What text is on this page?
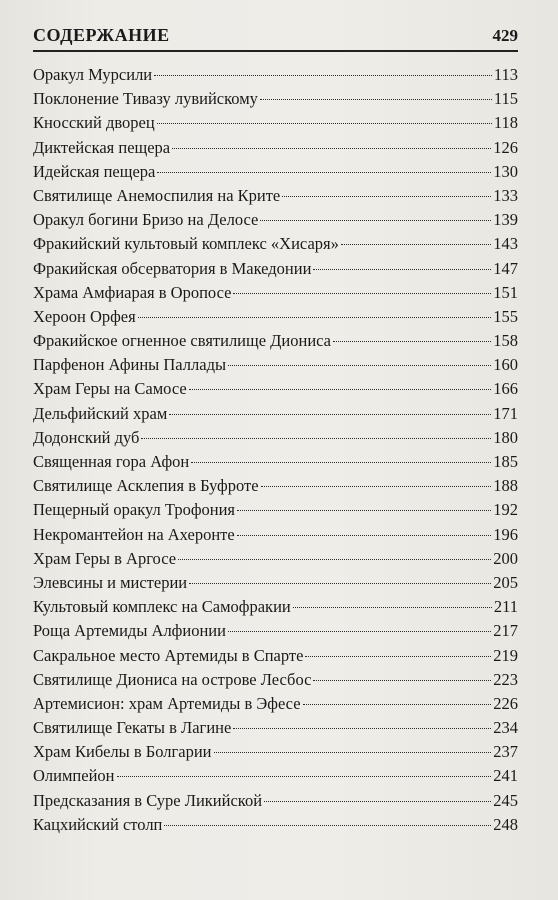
СОДЕРЖАНИЕ	429
Оракул Мурсили	113
Поклонение Тивазу лувийскому	115
Кносский дворец	118
Диктейская пещера	126
Идейская пещера	130
Святилище Анемоспилия на Крите	133
Оракул богини Бризо на Делосе	139
Фракийский культовый комплекс «Хисаря»	143
Фракийская обсерватория в Македонии	147
Храма Амфиарая в Оропосе	151
Хероон Орфея	155
Фракийское огненное святилище Диониса	158
Парфенон Афины Паллады	160
Храм Геры на Самосе	166
Дельфийский храм	171
Додонский дуб	180
Священная гора Афон	185
Святилище Асклепия в Буфроте	188
Пещерный оракул Трофония	192
Некромантейон на Ахеронте	196
Храм Геры в Аргосе	200
Элевсины и мистерии	205
Культовый комплекс на Самофракии	211
Роща Артемиды Алфионии	217
Сакральное место Артемиды в Спарте	219
Святилище Диониса на острове Лесбос	223
Артемисион: храм Артемиды в Эфесе	226
Святилище Гекаты в Лагине	234
Храм Кибелы в Болгарии	237
Олимпейон	241
Предсказания в Суре Ликийской	245
Кацхийский столп	248
